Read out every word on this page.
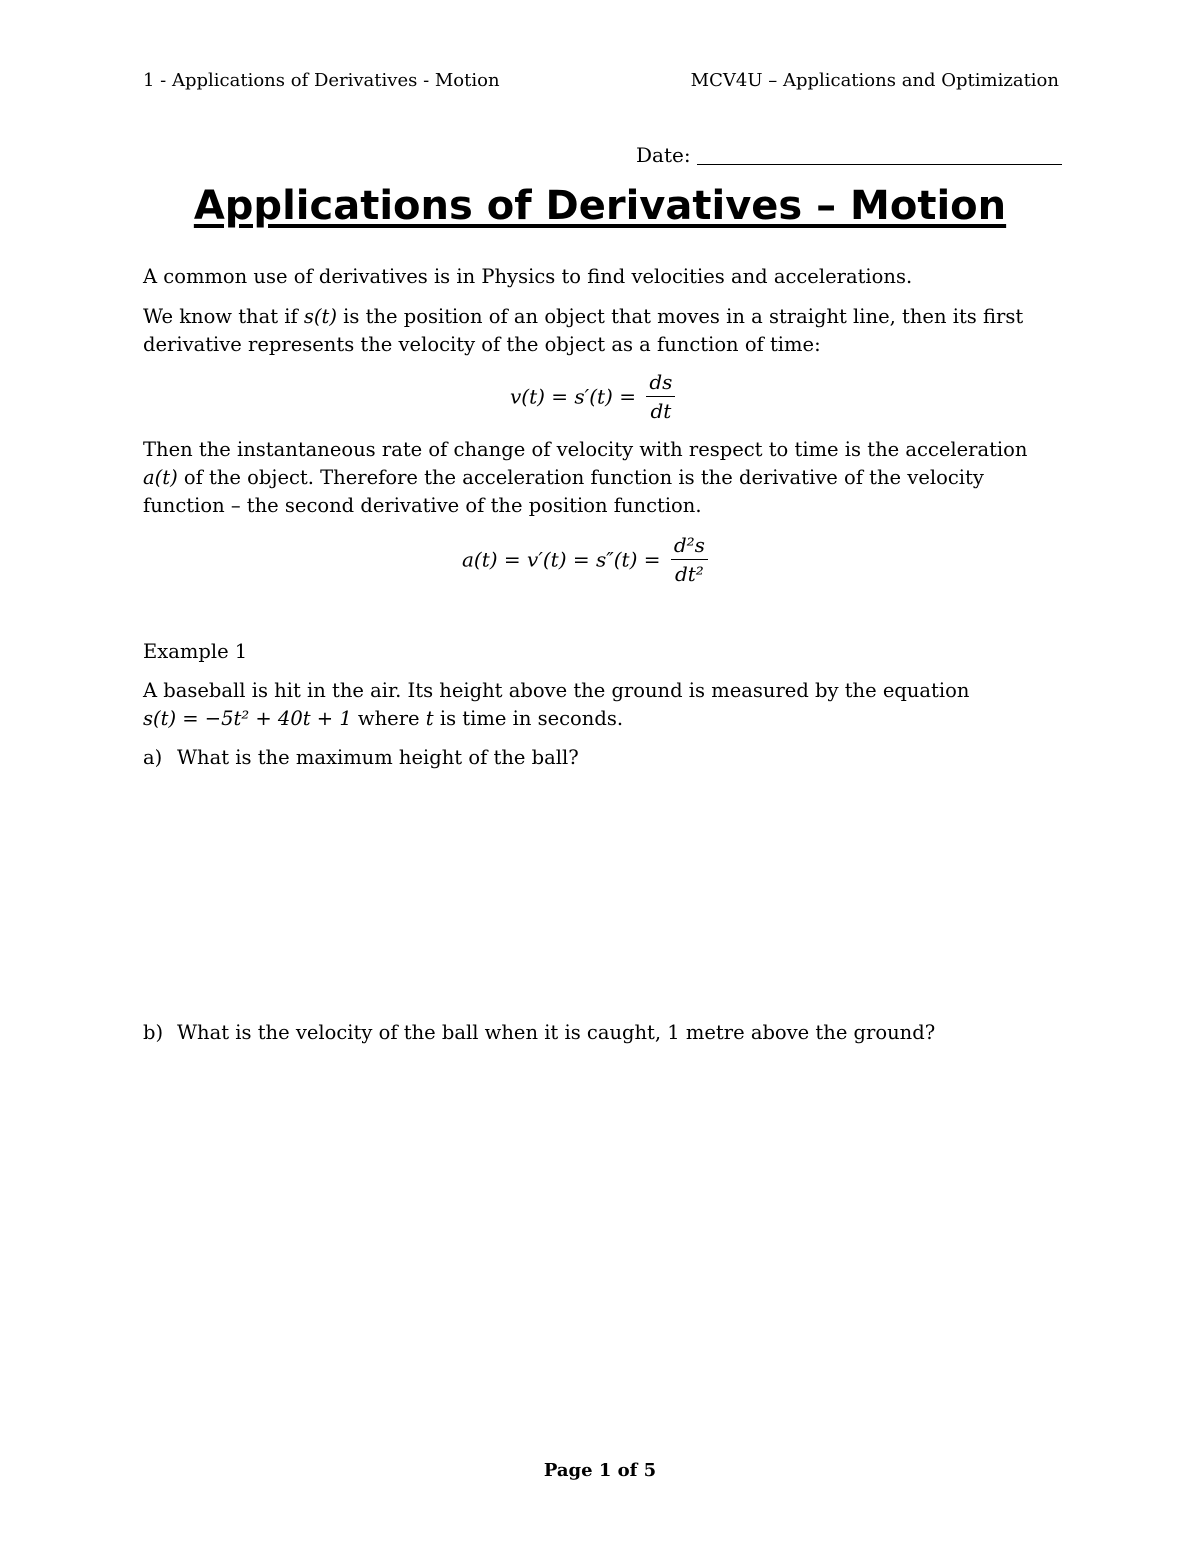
1 - Applications of Derivatives - Motion	MCV4U – Applications and Optimization
Date:
Applications of Derivatives – Motion
A common use of derivatives is in Physics to find velocities and accelerations.
We know that if s(t) is the position of an object that moves in a straight line, then its first derivative represents the velocity of the object as a function of time:
$v(t) = s'(t) = \frac{ds}{dt}$
Then the instantaneous rate of change of velocity with respect to time is the acceleration a(t) of the object. Therefore the acceleration function is the derivative of the velocity function – the second derivative of the position function.
$a(t) = v'(t) = s''(t) = \frac{\text{d²s}}{\text{dt²}}$
Example 1
A baseball is hit in the air. Its height above the ground is measured by the equation
s(t) = −5t² + 40t + 1 where t is time in seconds.
a) What is the maximum height of the ball?
b) What is the velocity of the ball when it is caught, 1 metre above the ground?
Page 1 of 5
